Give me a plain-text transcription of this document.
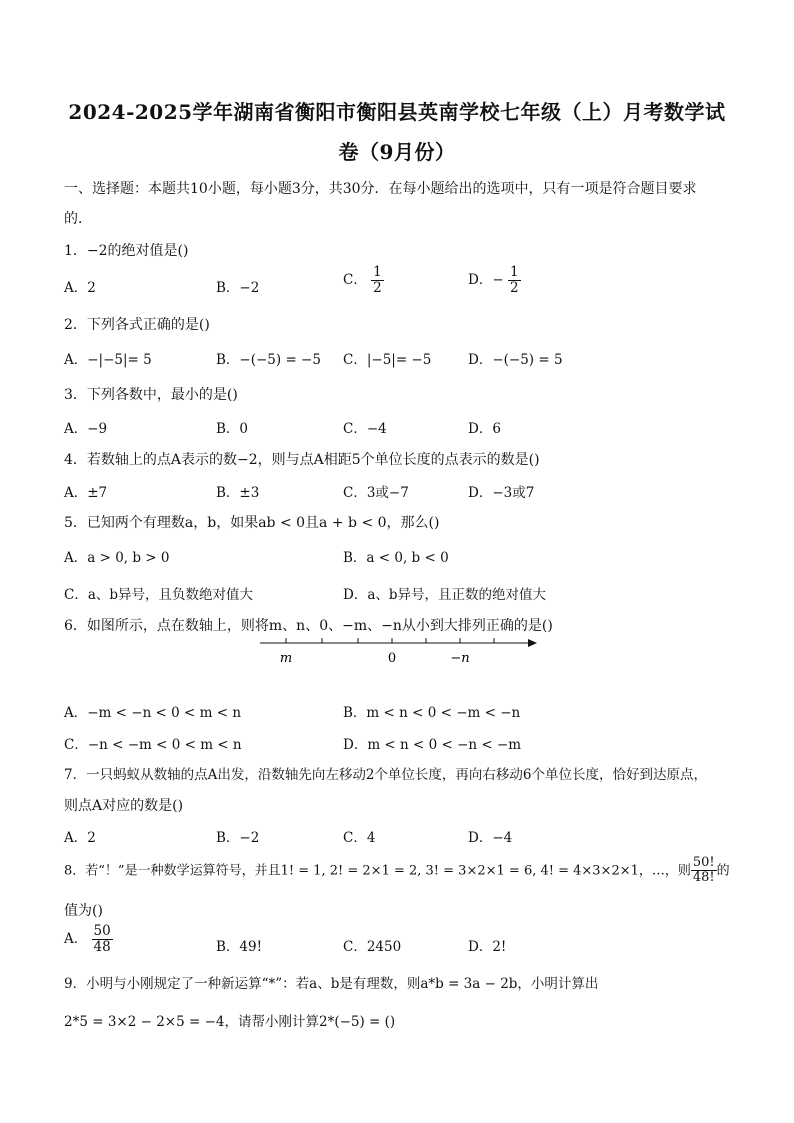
2024-2025学年湖南省衡阳市衡阳县英南学校七年级（上）月考数学试
卷（9月份）
一、选择题：本题共10小题，每小题3分，共30分．在每小题给出的选项中，只有一项是符合题目要求
的．
1．−2的绝对值是()
A．2	B．−2
C． $\frac{1}{2}$	D．− $\frac{1}{2}$
2．下列各式正确的是()
A．−|−5|= 5	B．−(−5) = −5 C．|−5|= −5	D．−(−5) = 5
3．下列各数中，最小的是()
A．−9	B．0	C．−4	D．6
4．若数轴上的点A表示的数−2，则与点A相距5个单位长度的点表示的数是()
A．±7	B．±3	C．3或−7	D．−3或7
5．已知两个有理数a，b，如果ab < 0且a + b < 0，那么()
A．a > 0, b > 0	B．a < 0, b < 0
C．a、b异号，且负数绝对值大	D．a、b异号，且正数的绝对值大
6．如图所示，点在数轴上，则将m、n、0、−m、−n从小到大排列正确的是()
m	0	−n
A．−m < −n < 0 < m < n	B．m < n < 0 < −m < −n
C．−n < −m < 0 < m < n	D．m < n < 0 < −n < −m
7．一只蚂蚁从数轴的点A出发，沿数轴先向左移动2个单位长度，再向右移动6个单位长度，恰好到达原点，
则点A对应的数是()
A．2	B．−2	C．4	D．−4
8．若“！”是一种数学运算符号，并且1! = 1, 2! = 2×1 = 2, 3! = 3×2×1 = 6, 4! = 4×3×2×1，…，则 $\frac{50!}{48!}$ 的
值为()
A． $\frac{50}{48}$	B．49!	C．2450	D．2!
9．小明与小刚规定了一种新运算“*”：若a、b是有理数，则a*b = 3a − 2b，小明计算出
2*5 = 3×2 − 2×5 = −4，请帮小刚计算2*(−5) = ()
